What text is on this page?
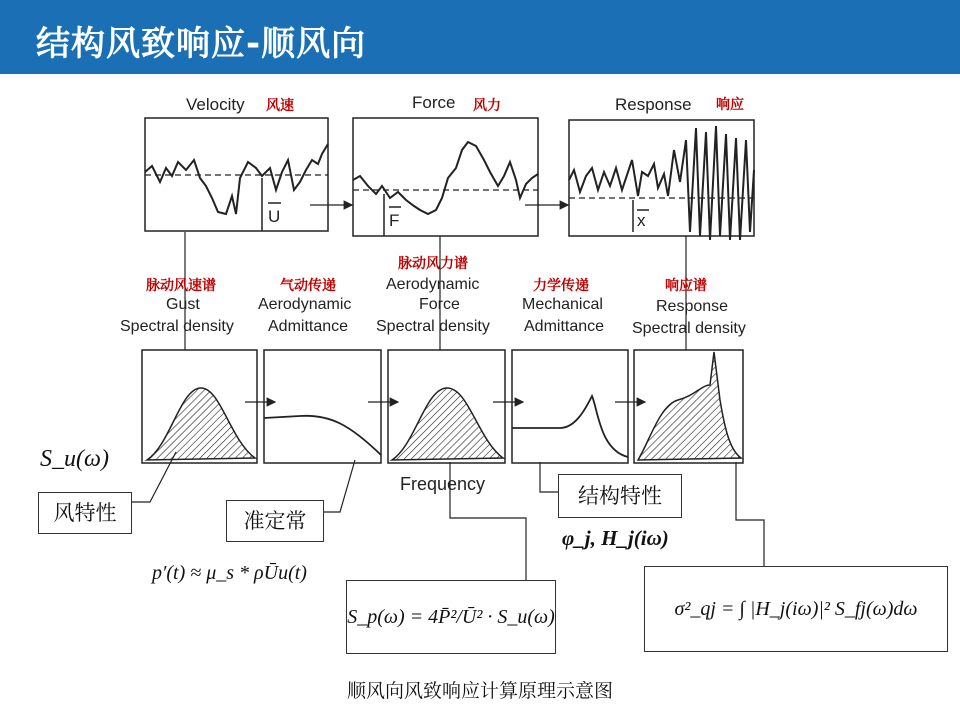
结构风致响应-顺风向
Velocity 风速
U
Force 风力
F
Response 响应
x
脉动风速谱
Gust
Spectral density
气动传递
Aerodynamic
Admittance
脉动风力谱
Aerodynamic
Force
Spectral density
力学传递
Mechanical
Admittance
响应谱
Response
Spectral density
Frequency
风特性	准定常
结构特性
S_u(ω)
p′(t) ≈ μ_s * ρŪu(t)
φ_j, H_j(iω)
S_p(ω) = 4P̄²/Ū² · S_u(ω)	σ²_qj = ∫ |H_j(iω)|² S_fj(ω)dω
顺风向风致响应计算原理示意图
